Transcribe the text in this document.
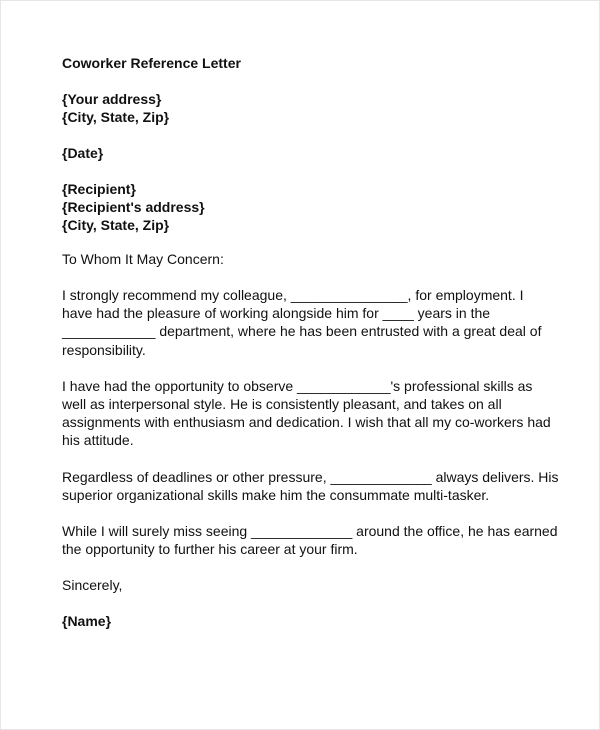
Coworker Reference Letter
{Your address}
{City, State, Zip}
{Date}
{Recipient}
{Recipient's address}
{City, State, Zip}
To Whom It May Concern:
I strongly recommend my colleague, _______________, for employment. I
have had the pleasure of working alongside him for ____ years in the
____________ department, where he has been entrusted with a great deal of
responsibility.
I have had the opportunity to observe ____________'s professional skills as
well as interpersonal style. He is consistently pleasant, and takes on all
assignments with enthusiasm and dedication. I wish that all my co-workers had
his attitude.
Regardless of deadlines or other pressure, _____________ always delivers. His
superior organizational skills make him the consummate multi-tasker.
While I will surely miss seeing _____________ around the office, he has earned
the opportunity to further his career at your firm.
Sincerely,
{Name}
